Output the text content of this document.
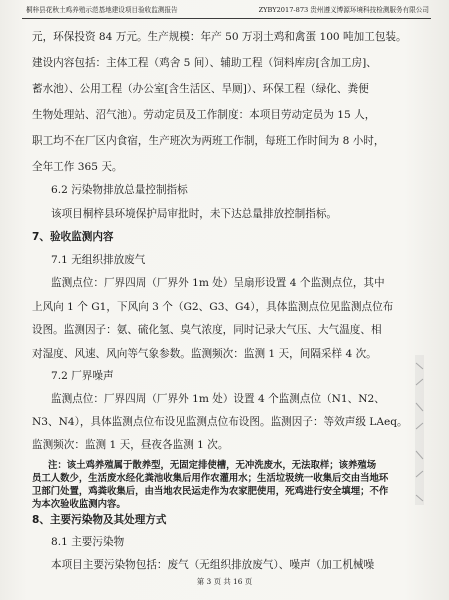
桐梓县花秋土鸡养殖示范基地建设项目验收监测报告	ZYBY2017-873 贵州遵义博源环境科技检测服务有限公司
元，环保投资 84 万元。生产规模：年产 50 万羽土鸡和禽蛋 100 吨加工包装。
建设内容包括：主体工程（鸡舍 5 间）、辅助工程（饲料库房[含加工房]、
蓄水池）、公用工程（办公室[含生活区、旱厕]）、环保工程（绿化、粪便
生物处理站、沼气池）。劳动定员及工作制度：本项目劳动定员为 15 人，
职工均不在厂区内食宿，生产班次为两班工作制，每班工作时间为 8 小时，
全年工作 365 天。
6.2 污染物排放总量控制指标
该项目桐梓县环境保护局审批时，未下达总量排放控制指标。
7、验收监测内容
7.1 无组织排放废气
监测点位：厂界四周（厂界外 1m 处）呈扇形设置 4 个监测点位，其中
上风向 1 个 G1，下风向 3 个（G2、G3、G4），具体监测点位见监测点位布
设图。监测因子：氨、硫化氢、臭气浓度，同时记录大气压、大气温度、相
对湿度、风速、风向等气象参数。监测频次：监测 1 天，间隔采样 4 次。
7.2 厂界噪声
监测点位：厂界四周（厂界外 1m 处）设置 4 个监测点位（N1、N2、
N3、N4），具体监测点位布设见监测点位布设图。监测因子：等效声级 LAeq。
监测频次：监测 1 天，昼夜各监测 1 次。
注：该土鸡养殖属于散养型，无固定排使槽，无冲洗废水，无法取样；该养殖场
员工人数少，生活废水经化粪池收集后用作农灌用水；生活垃圾统一收集后交由当地环
卫部门处置，鸡粪收集后，由当地农民运走作为农家肥使用，死鸡进行安全填埋；不作
为本次验收监测内容。
8、主要污染物及其处理方式
8.1 主要污染物
本项目主要污染物包括：废气（无组织排放废气）、噪声（加工机械噪
第 3 页 共 16 页
